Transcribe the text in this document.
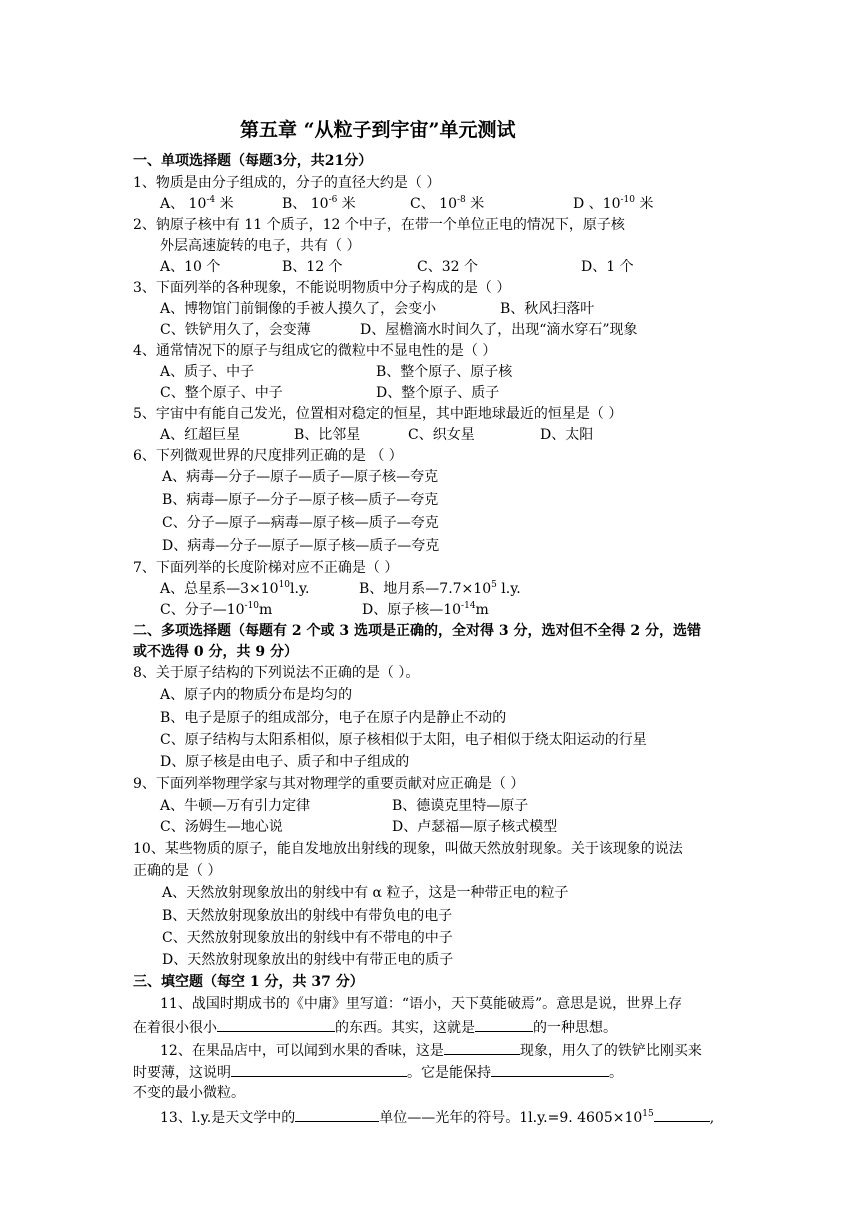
第五章 “从粒子到宇宙”单元测试
一、单项选择题（每题3分，共21分）
1、物质是由分子组成的，分子的直径大约是（ ）
A、 $10^{-4}$ 米	B、 $10^{-6}$ 米	C、 $10^{-8}$ 米	D 、$10^{-10}$ 米
2、钠原子核中有 11 个质子，12 个中子，在带一个单位正电的情况下，原子核
外层高速旋转的电子，共有（ ）
A、10 个	B、12 个	C、32 个	D、1 个
3、下面列举的各种现象，不能说明物质中分子构成的是（ ）
A、博物馆门前铜像的手被人摸久了，会变小	B、秋风扫落叶
C、铁铲用久了，会变薄	D、屋檐滴水时间久了，出现“滴水穿石”现象
4、通常情况下的原子与组成它的微粒中不显电性的是（ ）
A、质子、中子	B、整个原子、原子核
C、整个原子、中子	D、整个原子、质子
5、宇宙中有能自己发光，位置相对稳定的恒星，其中距地球最近的恒星是（ ）
A、红超巨星	B、比邻星	C、织女星	D、太阳
6、下列微观世界的尺度排列正确的是 （ ）
A、病毒—分子—原子—质子—原子核—夸克
B、病毒—原子—分子—原子核—质子—夸克
C、分子—原子—病毒—原子核—质子—夸克
D、病毒—分子—原子—原子核—质子—夸克
7、下面列举的长度阶梯对应不正确是（ ）
A、总星系$—3\times 10^{10}l.y$.	B、地月系$—7.7\times 10^5$ l.y.
C、分子$—10^{-10}m$	D、原子核$—10^{-14}m$
二、多项选择题（每题有 2 个或 3 选项是正确的，全对得 3 分，选对但不全得 2 分，选错
或不选得 0 分，共 9 分）
8、关于原子结构的下列说法不正确的是（ ）。
A、原子内的物质分布是均匀的
B、电子是原子的组成部分，电子在原子内是静止不动的
C、原子结构与太阳系相似，原子核相似于太阳，电子相似于绕太阳运动的行星
D、原子核是由电子、质子和中子组成的
9、下面列举物理学家与其对物理学的重要贡献对应正确是（ ）
A、牛顿—万有引力定律	B、德谟克里特—原子
C、汤姆生—地心说	D、卢瑟福—原子核式模型
10、某些物质的原子，能自发地放出射线的现象，叫做天然放射现象。关于该现象的说法
正确的是（ ）
A、天然放射现象放出的射线中有 α 粒子，这是一种带正电的粒子
B、天然放射现象放出的射线中有带负电的电子
C、天然放射现象放出的射线中有不带电的中子
D、天然放射现象放出的射线中有带正电的质子
三、填空题（每空 1 分，共 37 分）
11、战国时期成书的《中庸》里写道：“语小，天下莫能破焉”。意思是说，世界上存
在着很小很小	的东西。其实，这就是	的一种思想。
12、在果品店中，可以闻到水果的香味，这是	现象，用久了的铁铲比刚买来
时要薄，这说明	。它是能保持	。
不变的最小微粒。
13、l.y.是天文学中的	单位——光年的符号。1l.y.=9. $4605\times 10^{15}$	,
